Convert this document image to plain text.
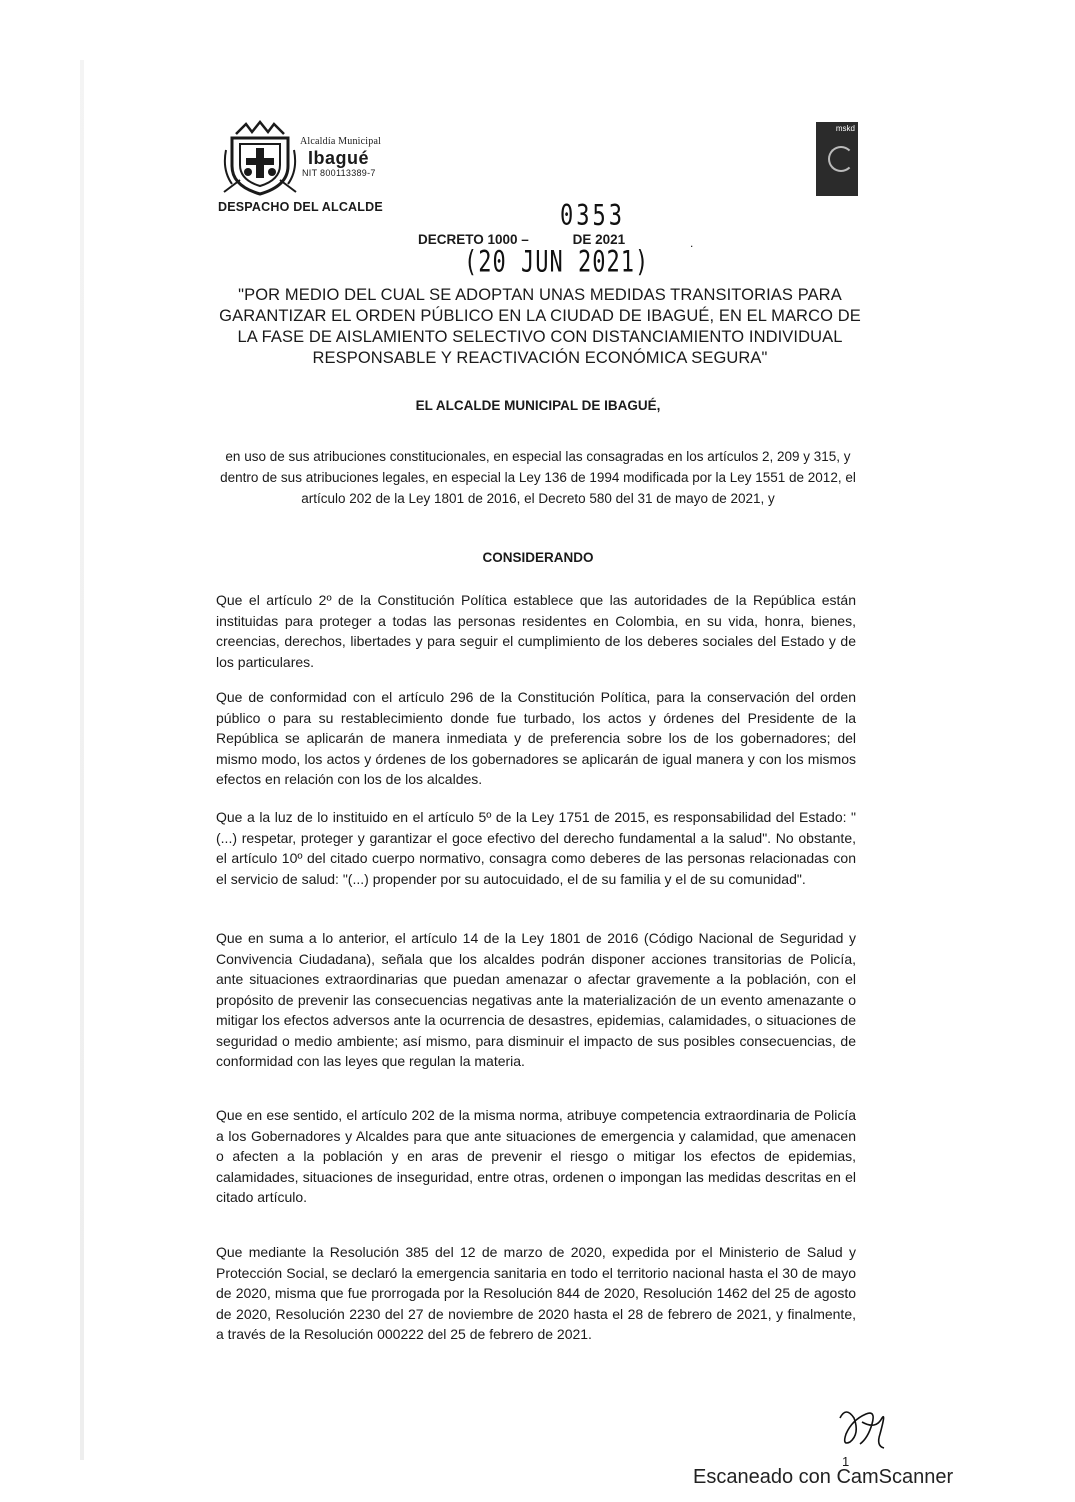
Alcaldía Municipal
Ibagué
NIT 800113389-7
DESPACHO DEL ALCALDE
mskd
0353
DECRETO 1000 –	DE 2021	.
(20 JUN 2021)
"POR MEDIO DEL CUAL SE ADOPTAN UNAS MEDIDAS TRANSITORIAS PARA GARANTIZAR EL ORDEN PÚBLICO EN LA CIUDAD DE IBAGUÉ, EN EL MARCO DE LA FASE DE AISLAMIENTO SELECTIVO CON DISTANCIAMIENTO INDIVIDUAL RESPONSABLE Y REACTIVACIÓN ECONÓMICA SEGURA"
EL ALCALDE MUNICIPAL DE IBAGUÉ,
en uso de sus atribuciones constitucionales, en especial las consagradas en los artículos 2, 209 y 315, y dentro de sus atribuciones legales, en especial la Ley 136 de 1994 modificada por la Ley 1551 de 2012, el artículo 202 de la Ley 1801 de 2016, el Decreto 580 del 31 de mayo de 2021, y
CONSIDERANDO
Que el artículo 2º de la Constitución Política establece que las autoridades de la República están instituidas para proteger a todas las personas residentes en Colombia, en su vida, honra, bienes, creencias, derechos, libertades y para seguir el cumplimiento de los deberes sociales del Estado y de los particulares.
Que de conformidad con el artículo 296 de la Constitución Política, para la conservación del orden público o para su restablecimiento donde fue turbado, los actos y órdenes del Presidente de la República se aplicarán de manera inmediata y de preferencia sobre los de los gobernadores; del mismo modo, los actos y órdenes de los gobernadores se aplicarán de igual manera y con los mismos efectos en relación con los de los alcaldes.
Que a la luz de lo instituido en el artículo 5º de la Ley 1751 de 2015, es responsabilidad del Estado: "(...) respetar, proteger y garantizar el goce efectivo del derecho fundamental a la salud". No obstante, el artículo 10º del citado cuerpo normativo, consagra como deberes de las personas relacionadas con el servicio de salud: "(...) propender por su autocuidado, el de su familia y el de su comunidad".
Que en suma a lo anterior, el artículo 14 de la Ley 1801 de 2016 (Código Nacional de Seguridad y Convivencia Ciudadana), señala que los alcaldes podrán disponer acciones transitorias de Policía, ante situaciones extraordinarias que puedan amenazar o afectar gravemente a la población, con el propósito de prevenir las consecuencias negativas ante la materialización de un evento amenazante o mitigar los efectos adversos ante la ocurrencia de desastres, epidemias, calamidades, o situaciones de seguridad o medio ambiente; así mismo, para disminuir el impacto de sus posibles consecuencias, de conformidad con las leyes que regulan la materia.
Que en ese sentido, el artículo 202 de la misma norma, atribuye competencia extraordinaria de Policía a los Gobernadores y Alcaldes para que ante situaciones de emergencia y calamidad, que amenacen o afecten a la población y en aras de prevenir el riesgo o mitigar los efectos de epidemias, calamidades, situaciones de inseguridad, entre otras, ordenen o impongan las medidas descritas en el citado artículo.
Que mediante la Resolución 385 del 12 de marzo de 2020, expedida por el Ministerio de Salud y Protección Social, se declaró la emergencia sanitaria en todo el territorio nacional hasta el 30 de mayo de 2020, misma que fue prorrogada por la Resolución 844 de 2020, Resolución 1462 del 25 de agosto de 2020, Resolución 2230 del 27 de noviembre de 2020 hasta el 28 de febrero de 2021, y finalmente, a través de la Resolución 000222 del 25 de febrero de 2021.
1
Escaneado con CamScanner
